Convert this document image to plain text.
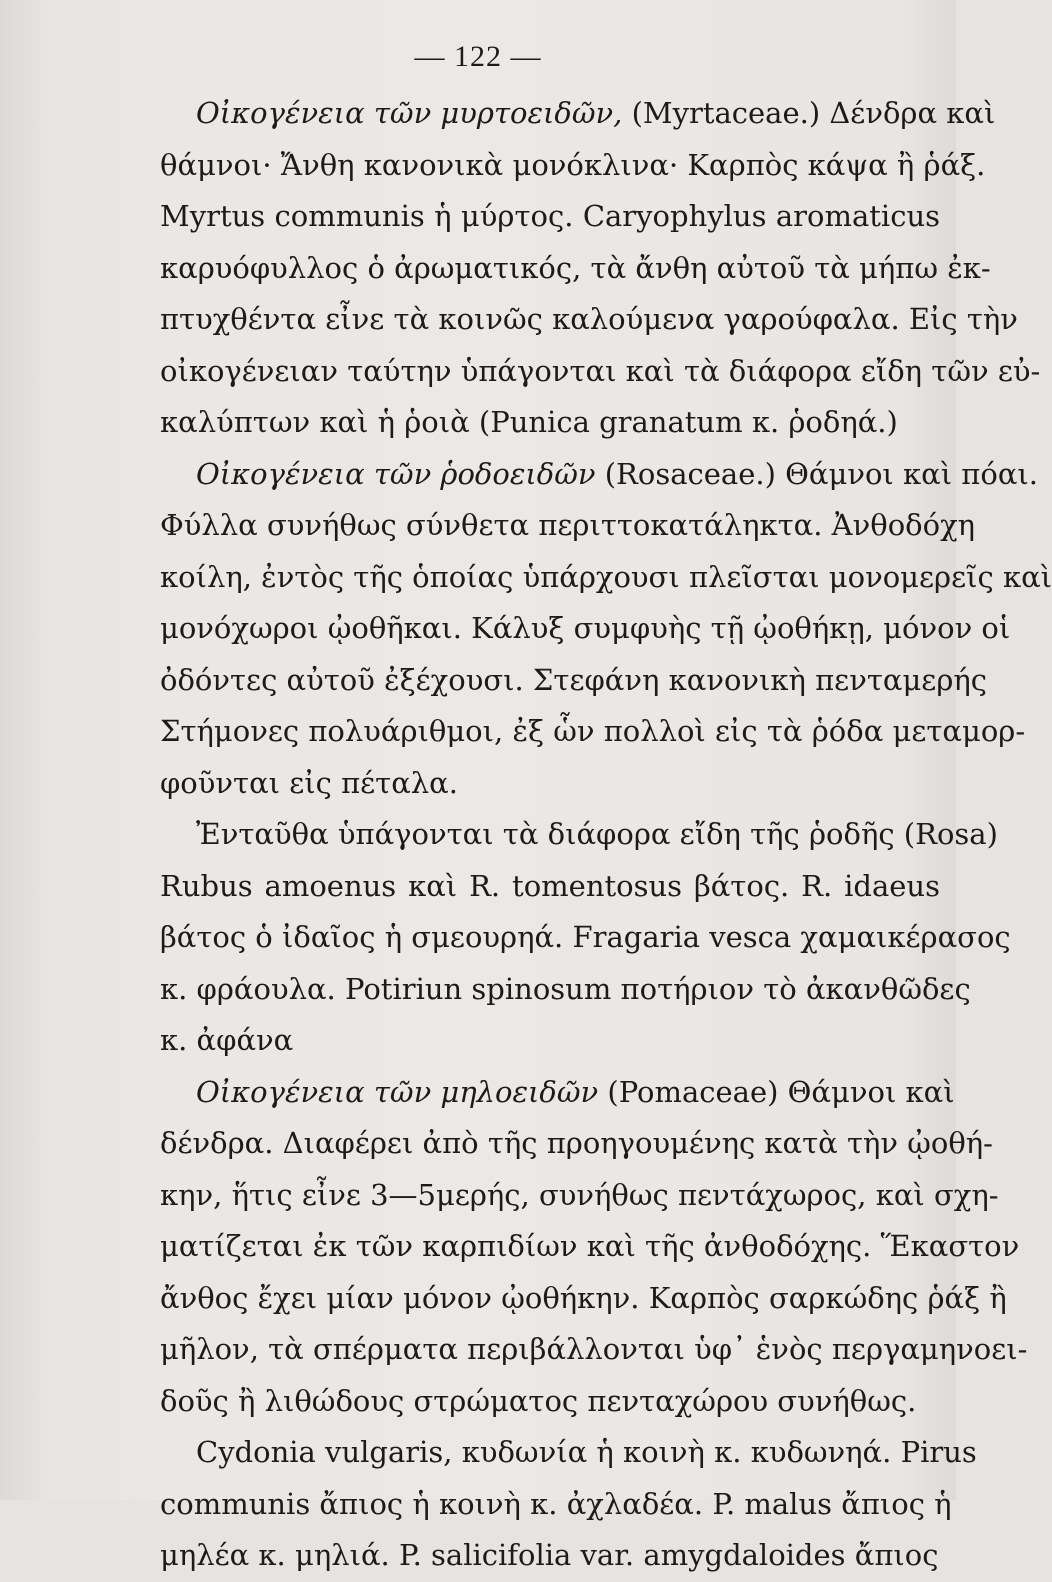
— 122 —
Οἰκογένεια τῶν μυρτοειδῶν, (Myrtaceae.) Δένδρα καὶ
θάμνοι· Ἄνθη κανονικὰ μονόκλινα· Καρπὸς κάψα ἢ ῥάξ.
Myrtus communis ἡ μύρτος. Caryophylus aromaticus
καρυόφυλλος ὁ ἀρωματικός, τὰ ἄνθη αὐτοῦ τὰ μήπω ἐκ-
πτυχθέντα εἶνε τὰ κοινῶς καλούμενα γαρούφαλα. Εἰς τὴν
οἰκογένειαν ταύτην ὑπάγονται καὶ τὰ διάφορα εἴδη τῶν εὐ-
καλύπτων καὶ ἡ ῥοιὰ (Punica granatum κ. ῥοδηά.)
Οἰκογένεια τῶν ῥοδοειδῶν (Rosaceae.) Θάμνοι καὶ πόαι.
Φύλλα συνήθως σύνθετα περιττοκατάληκτα. Ἀνθοδόχη
κοίλη, ἐντὸς τῆς ὁποίας ὑπάρχουσι πλεῖσται μονομερεῖς καὶ
μονόχωροι ᾠοθῆκαι. Κάλυξ συμφυὴς τῇ ᾠοθήκῃ, μόνον οἱ
ὀδόντες αὐτοῦ ἐξέχουσι. Στεφάνη κανονικὴ πενταμερής
Στήμονες πολυάριθμοι, ἐξ ὧν πολλοὶ εἰς τὰ ῥόδα μεταμορ-
φοῦνται εἰς πέταλα.
Ἐνταῦθα ὑπάγονται τὰ διάφορα εἴδη τῆς ῥοδῆς (Rosa)
Rubus amoenus καὶ R. tomentosus βάτος. R. idaeus
βάτος ὁ ἰδαῖος ἡ σμεουρηά. Fragaria vesca χαμαικέρασος
κ. φράουλα. Potiriun spinosum ποτήριον τὸ ἀκανθῶδες
κ. ἀφάνα
Οἰκογένεια τῶν μηλοειδῶν (Pomaceae) Θάμνοι καὶ
δένδρα. Διαφέρει ἀπὸ τῆς προηγουμένης κατὰ τὴν ᾠοθή-
κην, ἥτις εἶνε 3—5μερής, συνήθως πεντάχωρος, καὶ σχη-
ματίζεται ἐκ τῶν καρπιδίων καὶ τῆς ἀνθοδόχης. Ἕκαστον
ἄνθος ἔχει μίαν μόνον ᾠοθήκην. Καρπὸς σαρκώδης ῥάξ ἢ
μῆλον, τὰ σπέρματα περιβάλλονται ὑφ᾽ ἑνὸς περγαμηνοει-
δοῦς ἢ λιθώδους στρώματος πενταχώρου συνήθως.
Cydonia vulgaris, κυδωνία ἡ κοινὴ κ. κυδωνηά. Pirus
communis ἄπιος ἡ κοινὴ κ. ἀχλαδέα. P. malus ἄπιος ἡ
μηλέα κ. μηλιά. P. salicifolia var. amygdaloides ἄπιος
